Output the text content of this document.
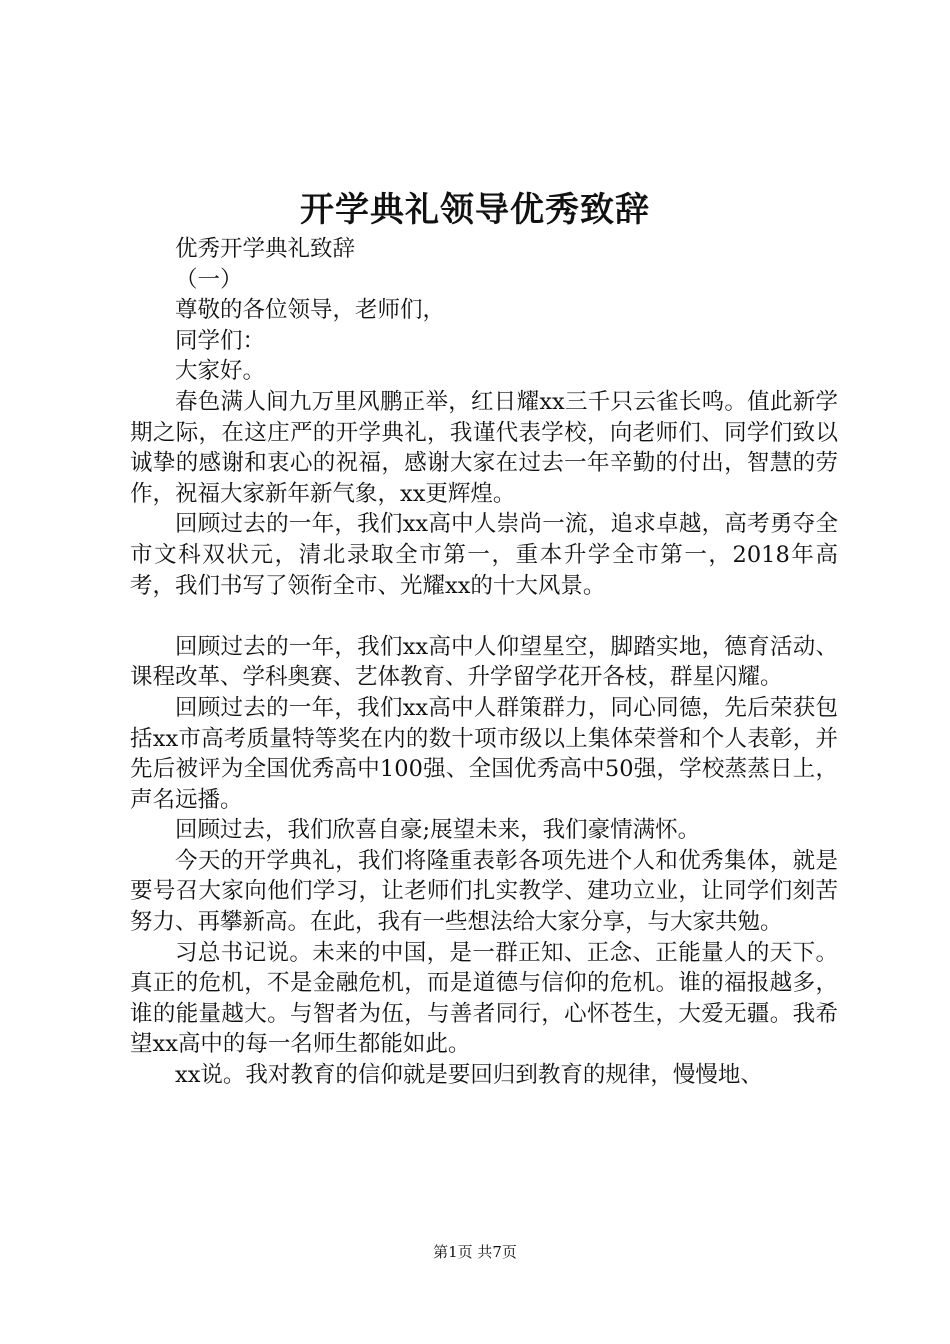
开学典礼领导优秀致辞

优秀开学典礼致辞

（一）

尊敬的各位领导，老师们，

同学们：

大家好。

春色满人间九万里风鹏正举，红日耀xx三千只云雀长鸣。值此新学期之际，在这庄严的开学典礼，我谨代表学校，向老师们、同学们致以诚挚的感谢和衷心的祝福，感谢大家在过去一年辛勤的付出，智慧的劳作，祝福大家新年新气象，xx更辉煌。

回顾过去的一年，我们xx高中人崇尚一流，追求卓越，高考勇夺全市文科双状元，清北录取全市第一，重本升学全市第一，2018年高考，我们书写了领衔全市、光耀xx的十大风景。

回顾过去的一年，我们xx高中人仰望星空，脚踏实地，德育活动、课程改革、学科奥赛、艺体教育、升学留学花开各枝，群星闪耀。

回顾过去的一年，我们xx高中人群策群力，同心同德，先后荣获包括xx市高考质量特等奖在内的数十项市级以上集体荣誉和个人表彰，并先后被评为全国优秀高中100强、全国优秀高中50强，学校蒸蒸日上，声名远播。

回顾过去，我们欣喜自豪;展望未来，我们豪情满怀。

今天的开学典礼，我们将隆重表彰各项先进个人和优秀集体，就是要号召大家向他们学习，让老师们扎实教学、建功立业，让同学们刻苦努力、再攀新高。在此，我有一些想法给大家分享，与大家共勉。

习总书记说。未来的中国，是一群正知、正念、正能量人的天下。真正的危机，不是金融危机，而是道德与信仰的危机。谁的福报越多，谁的能量越大。与智者为伍，与善者同行，心怀苍生，大爱无疆。我希望xx高中的每一名师生都能如此。

xx说。我对教育的信仰就是要回归到教育的规律，慢慢地、

第1页 共7页
